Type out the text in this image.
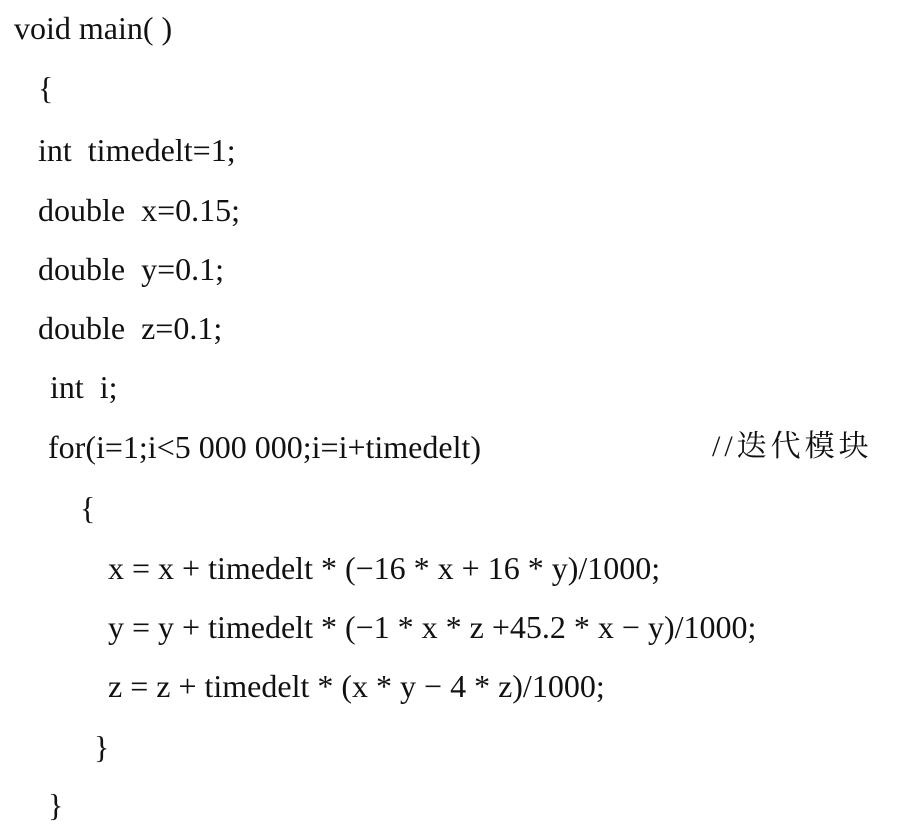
void main( )
{
int  timedelt=1;
double  x=0.15;
double  y=0.1;
double  z=0.1;
int  i;
for(i=1;i<5 000 000;i=i+timedelt)	//迭代模块
{
x = x + timedelt * (−16 * x + 16 * y)/1000;
y = y + timedelt * (−1 * x * z +45.2 * x − y)/1000;
z = z + timedelt * (x * y − 4 * z)/1000;
}
}
